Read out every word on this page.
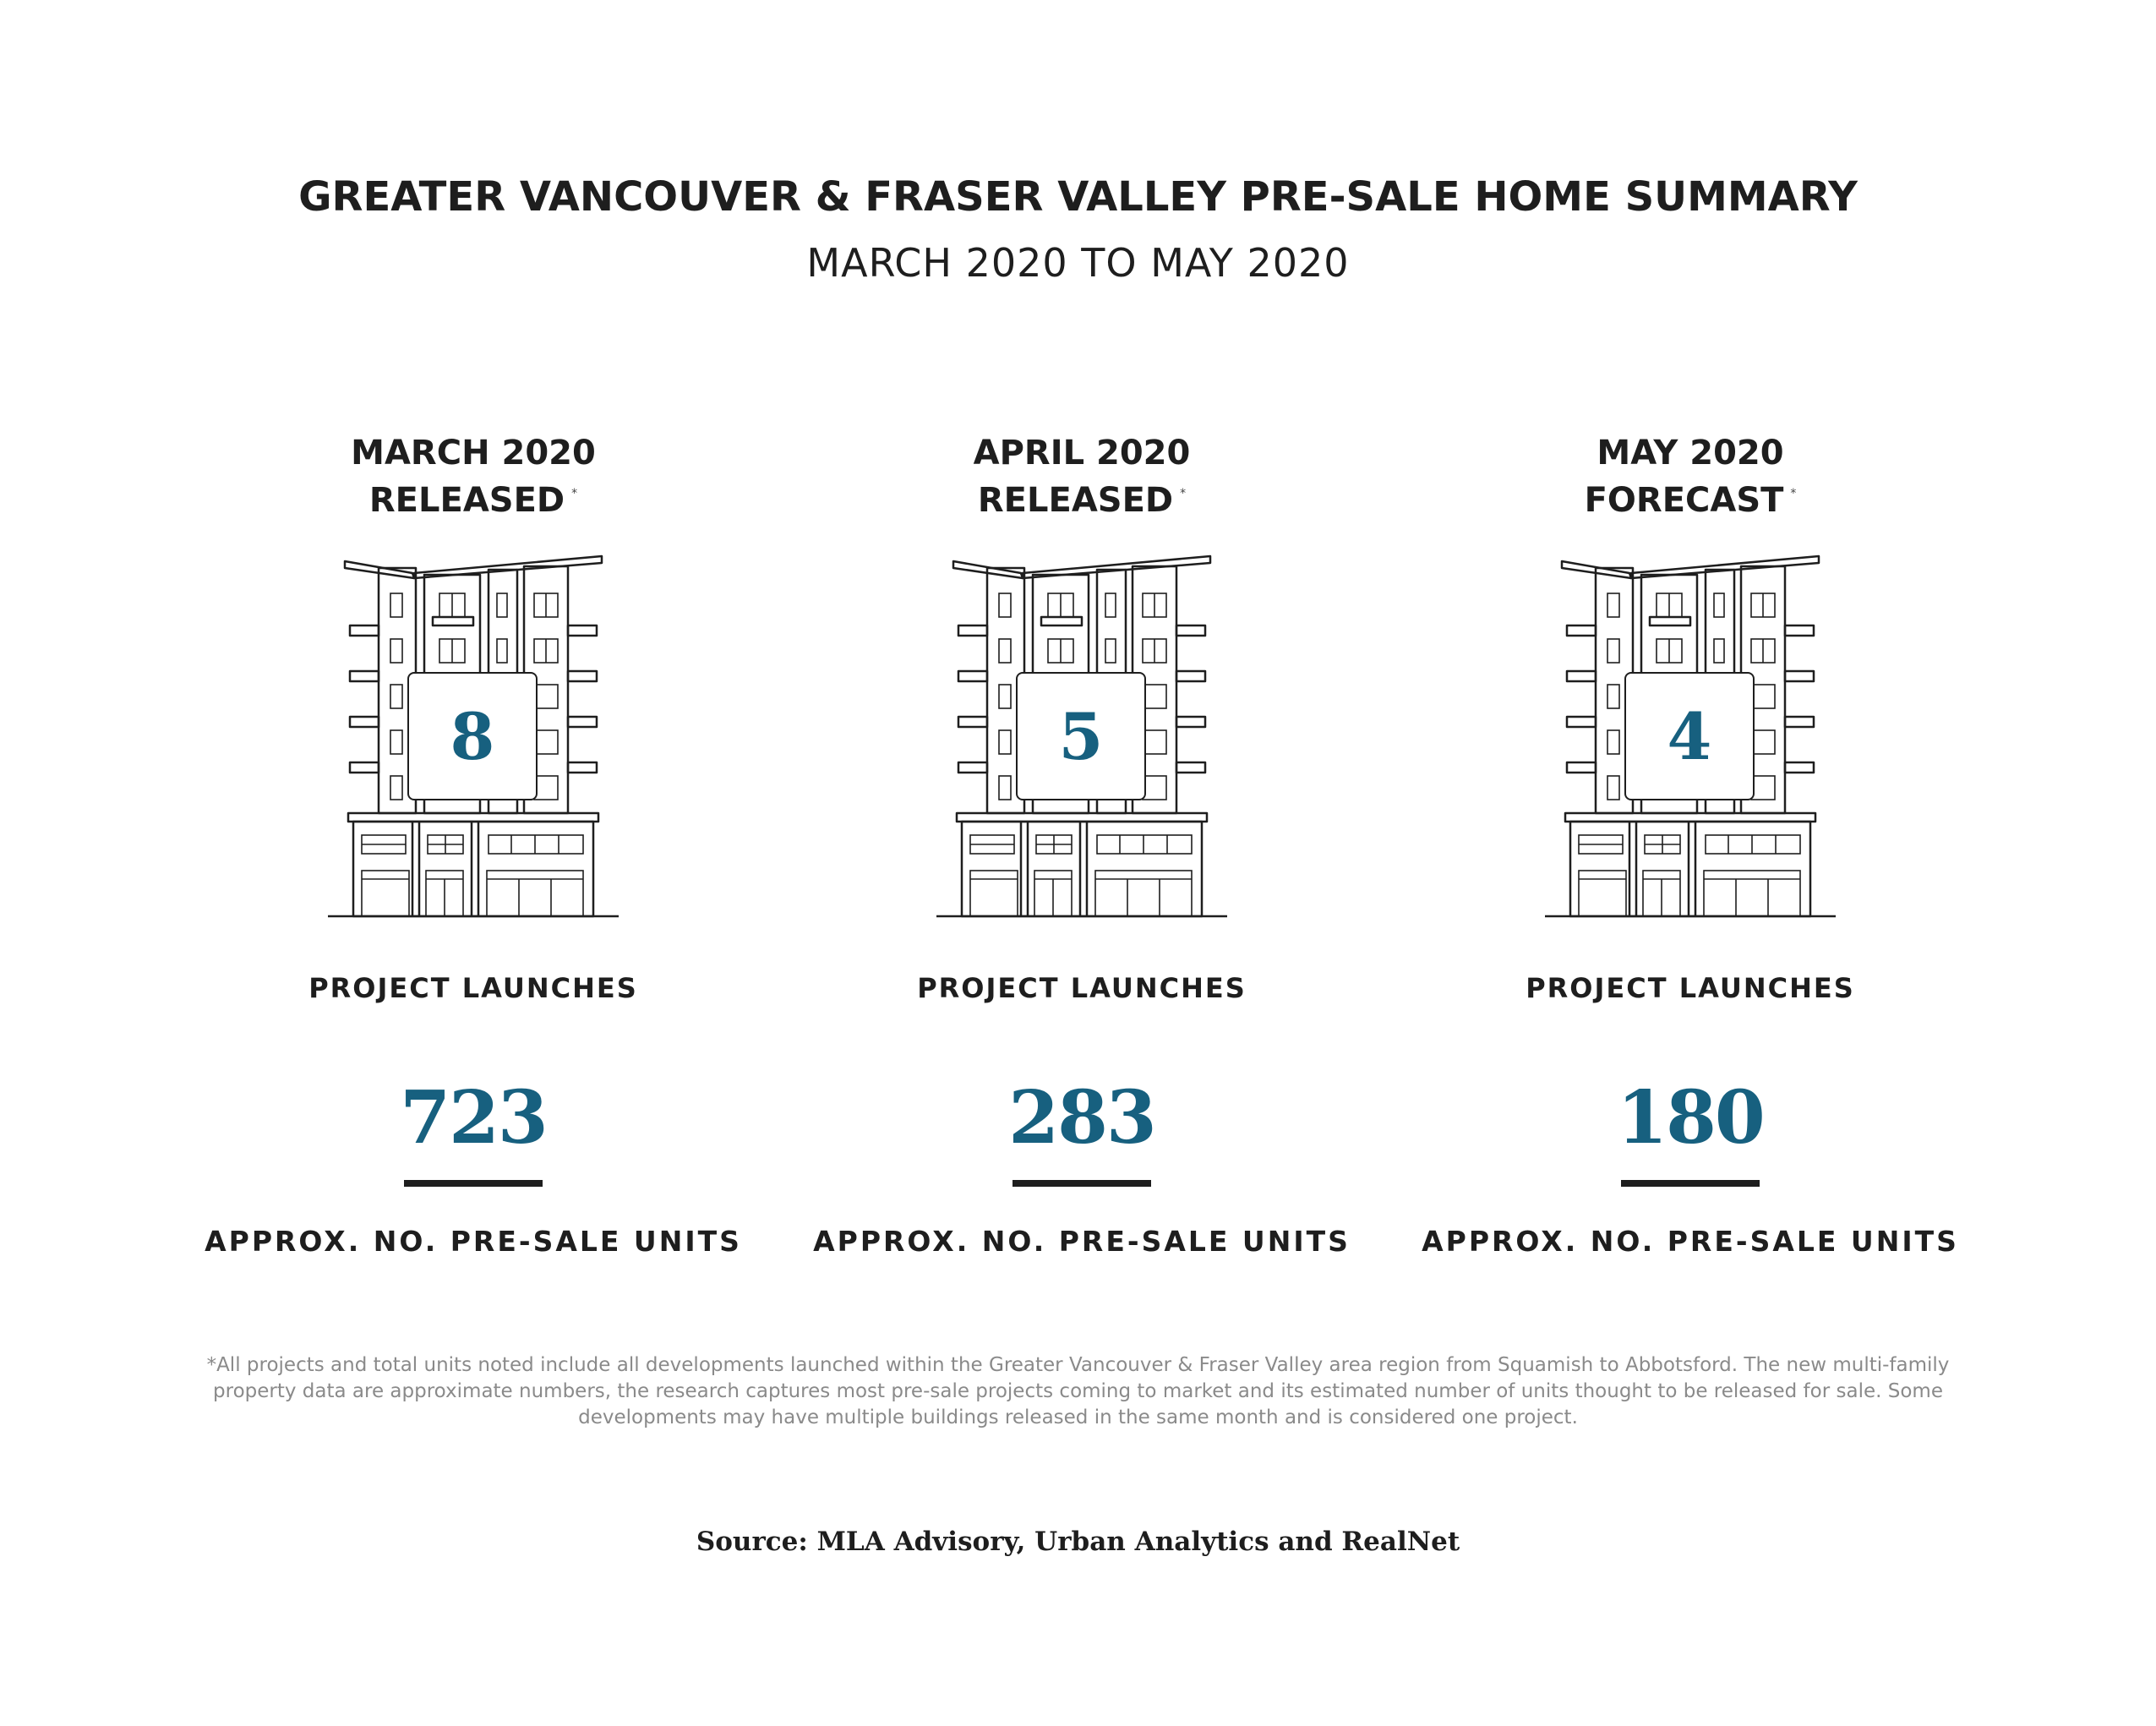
GREATER VANCOUVER & FRASER VALLEY PRE-SALE HOME SUMMARY
MARCH 2020 TO MAY 2020
MARCH 2020
RELEASED *
8
PROJECT LAUNCHES
723
APPROX. NO. PRE-SALE UNITS
APRIL 2020
RELEASED *
5
PROJECT LAUNCHES
283
APPROX. NO. PRE-SALE UNITS
MAY 2020
FORECAST *
4
PROJECT LAUNCHES
180
APPROX. NO. PRE-SALE UNITS
*All projects and total units noted include all developments launched within the Greater Vancouver & Fraser Valley area region from Squamish to Abbotsford. The new multi-family property data are approximate numbers, the research captures most pre-sale projects coming to market and its estimated number of units thought to be released for sale. Some developments may have multiple buildings released in the same month and is considered one project.
Source: MLA Advisory, Urban Analytics and RealNet
